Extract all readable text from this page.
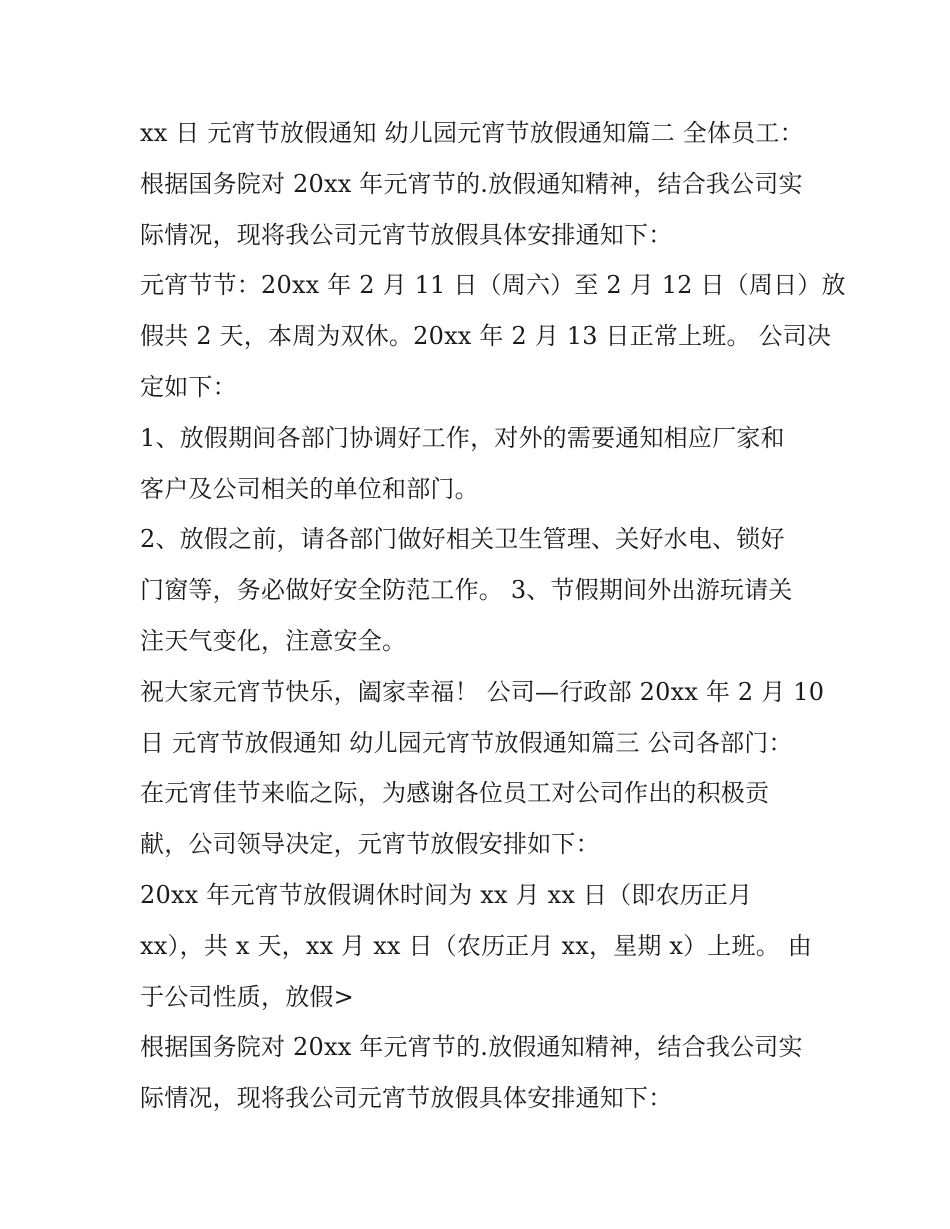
xx 日 元宵节放假通知 幼儿园元宵节放假通知篇二 全体员工：
根据国务院对 20xx 年元宵节的.放假通知精神，结合我公司实
际情况，现将我公司元宵节放假具体安排通知下：
元宵节节：20xx 年 2 月 11 日（周六）至 2 月 12 日（周日）放
假共 2 天，本周为双休。20xx 年 2 月 13 日正常上班。 公司决
定如下：
1、放假期间各部门协调好工作，对外的需要通知相应厂家和
客户及公司相关的单位和部门。
2、放假之前，请各部门做好相关卫生管理、关好水电、锁好
门窗等，务必做好安全防范工作。 3、节假期间外出游玩请关
注天气变化，注意安全。
祝大家元宵节快乐，阖家幸福！ 公司—行政部 20xx 年 2 月 10
日 元宵节放假通知 幼儿园元宵节放假通知篇三 公司各部门：
在元宵佳节来临之际，为感谢各位员工对公司作出的积极贡
献，公司领导决定，元宵节放假安排如下：
20xx 年元宵节放假调休时间为 xx 月 xx 日（即农历正月
xx），共 x 天，xx 月 xx 日（农历正月 xx，星期 x）上班。 由
于公司性质，放假>
根据国务院对 20xx 年元宵节的.放假通知精神，结合我公司实
际情况，现将我公司元宵节放假具体安排通知下：
